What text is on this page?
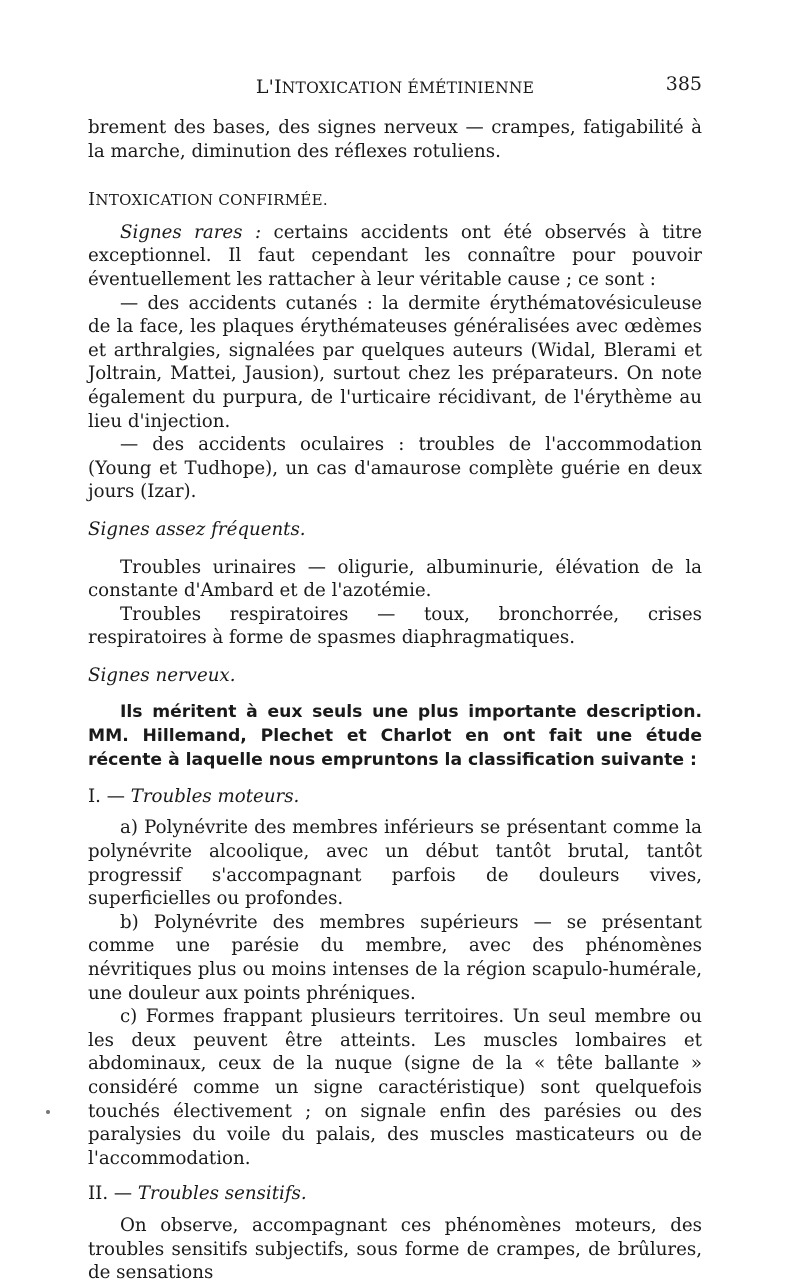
L'INTOXICATION ÉMÉTINIENNE	385

brement des bases, des signes nerveux — crampes, fatigabilité à la marche, diminution des réflexes rotuliens.

INTOXICATION CONFIRMÉE.

Signes rares : certains accidents ont été observés à titre exceptionnel. Il faut cependant les connaître pour pouvoir éventuellement les rattacher à leur véritable cause ; ce sont :

— des accidents cutanés : la dermite érythématovésiculeuse de la face, les plaques érythémateuses généralisées avec œdèmes et arthralgies, signalées par quelques auteurs (Widal, Blerami et Joltrain, Mattei, Jausion), surtout chez les préparateurs. On note également du purpura, de l'urticaire récidivant, de l'érythème au lieu d'injection.

— des accidents oculaires : troubles de l'accommodation (Young et Tudhope), un cas d'amaurose complète guérie en deux jours (Izar).

Signes assez fréquents.

Troubles urinaires — oligurie, albuminurie, élévation de la constante d'Ambard et de l'azotémie.

Troubles respiratoires — toux, bronchorrée, crises respiratoires à forme de spasmes diaphragmatiques.

Signes nerveux.

Ils méritent à eux seuls une plus importante description. MM. Hillemand, Plechet et Charlot en ont fait une étude récente à laquelle nous empruntons la classification suivante :

I. — Troubles moteurs.

a) Polynévrite des membres inférieurs se présentant comme la polynévrite alcoolique, avec un début tantôt brutal, tantôt progressif s'accompagnant parfois de douleurs vives, superficielles ou profondes.

b) Polynévrite des membres supérieurs — se présentant comme une parésie du membre, avec des phénomènes névritiques plus ou moins intenses de la région scapulo-humérale, une douleur aux points phréniques.

c) Formes frappant plusieurs territoires. Un seul membre ou les deux peuvent être atteints. Les muscles lombaires et abdominaux, ceux de la nuque (signe de la « tête ballante » considéré comme un signe caractéristique) sont quelquefois touchés électivement ; on signale enfin des parésies ou des paralysies du voile du palais, des muscles masticateurs ou de l'accommodation.

II. — Troubles sensitifs.

On observe, accompagnant ces phénomènes moteurs, des troubles sensitifs subjectifs, sous forme de crampes, de brûlures, de sensations
